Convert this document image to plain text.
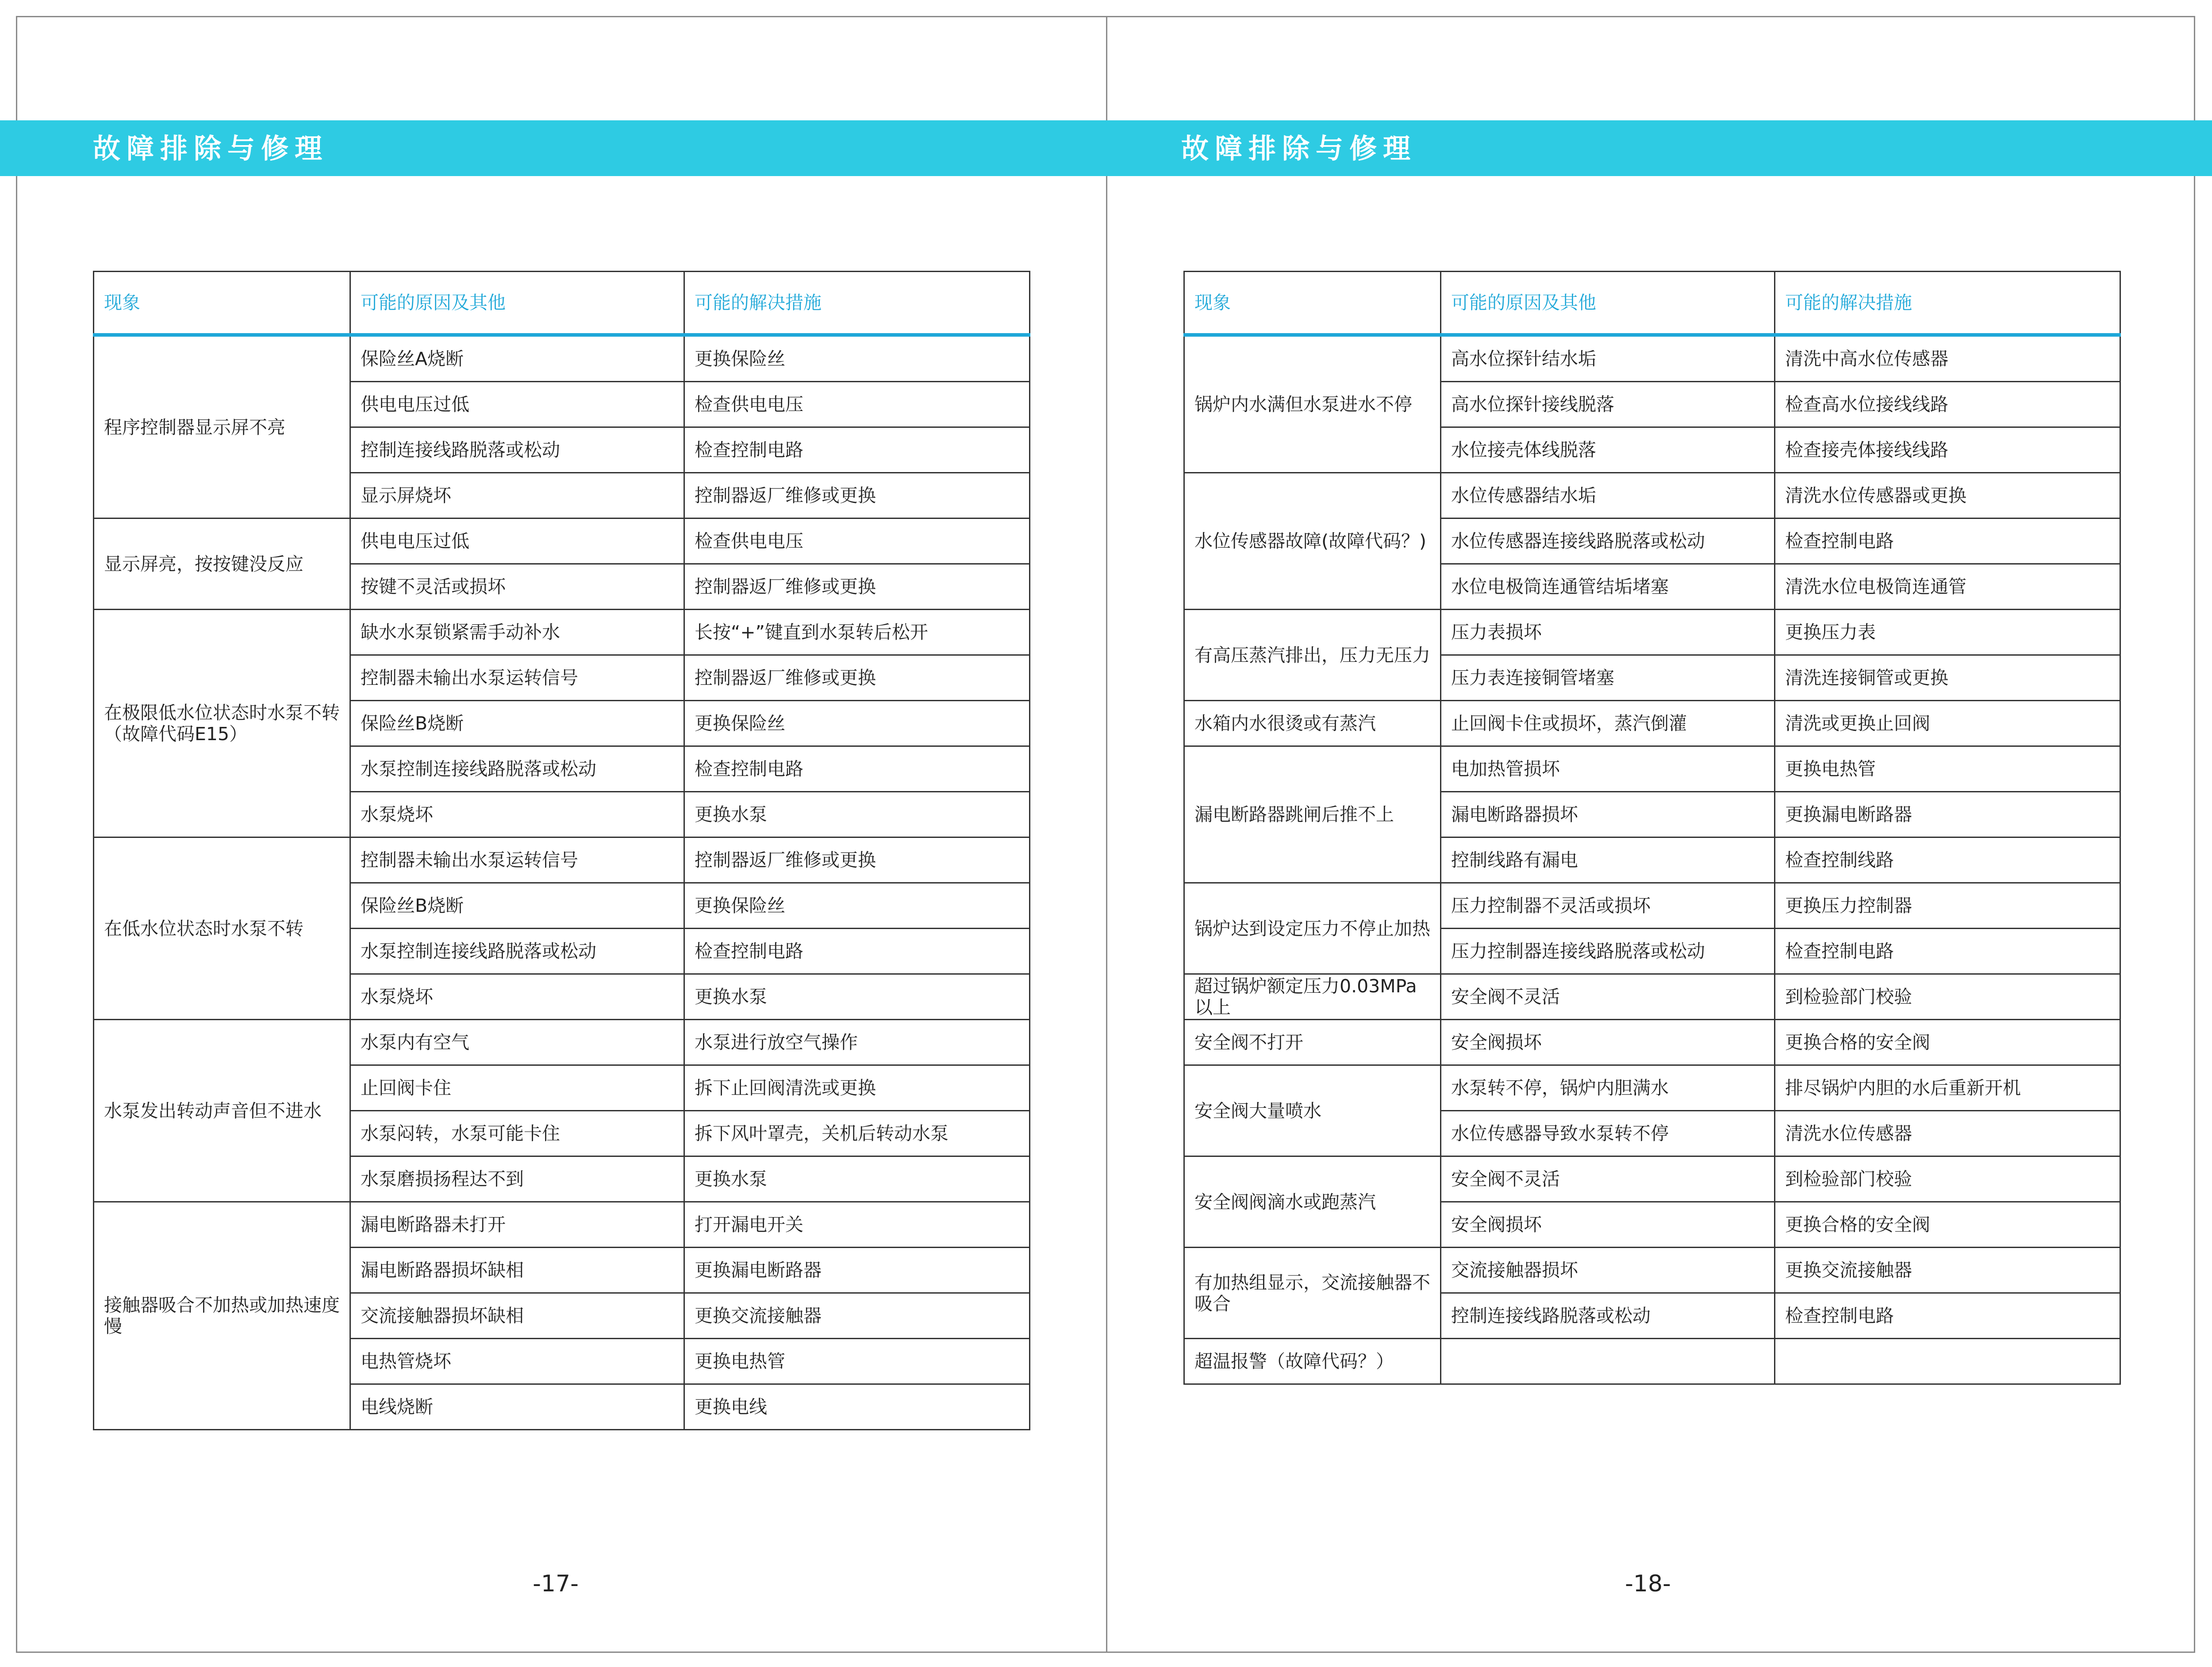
故障排除与修理	故障排除与修理
现象	可能的原因及其他	可能的解决措施
程序控制器显示屏不亮	保险丝A烧断	更换保险丝
	供电电压过低	检查供电电压
	控制连接线路脱落或松动	检查控制电路
	显示屏烧坏	控制器返厂维修或更换
显示屏亮，按按键没反应	供电电压过低	检查供电电压
	按键不灵活或损坏	控制器返厂维修或更换
在极限低水位状态时水泵不转（故障代码E15）	缺水水泵锁紧需手动补水	长按“+”键直到水泵转后松开
	控制器未输出水泵运转信号	控制器返厂维修或更换
	保险丝B烧断	更换保险丝
	水泵控制连接线路脱落或松动	检查控制电路
	水泵烧坏	更换水泵
在低水位状态时水泵不转	控制器未输出水泵运转信号	控制器返厂维修或更换
	保险丝B烧断	更换保险丝
	水泵控制连接线路脱落或松动	检查控制电路
	水泵烧坏	更换水泵
水泵发出转动声音但不进水	水泵内有空气	水泵进行放空气操作
	止回阀卡住	拆下止回阀清洗或更换
	水泵闷转，水泵可能卡住	拆下风叶罩壳，关机后转动水泵
	水泵磨损扬程达不到	更换水泵
接触器吸合不加热或加热速度慢	漏电断路器未打开	打开漏电开关
	漏电断路器损坏缺相	更换漏电断路器
	交流接触器损坏缺相	更换交流接触器
	电热管烧坏	更换电热管
	电线烧断	更换电线
现象	可能的原因及其他	可能的解决措施
锅炉内水满但水泵进水不停	高水位探针结水垢	清洗中高水位传感器
	高水位探针接线脱落	检查高水位接线线路
	水位接壳体线脱落	检查接壳体接线线路
水位传感器故障(故障代码？)	水位传感器结水垢	清洗水位传感器或更换
	水位传感器连接线路脱落或松动	检查控制电路
	水位电极筒连通管结垢堵塞	清洗水位电极筒连通管
有高压蒸汽排出，压力无压力	压力表损坏	更换压力表
	压力表连接铜管堵塞	清洗连接铜管或更换
水箱内水很烫或有蒸汽	止回阀卡住或损坏，蒸汽倒灌	清洗或更换止回阀
漏电断路器跳闸后推不上	电加热管损坏	更换电热管
	漏电断路器损坏	更换漏电断路器
	控制线路有漏电	检查控制线路
锅炉达到设定压力不停止加热	压力控制器不灵活或损坏	更换压力控制器
	压力控制器连接线路脱落或松动	检查控制电路
超过锅炉额定压力0.03MPa以上	安全阀不灵活	到检验部门校验
安全阀不打开	安全阀损坏	更换合格的安全阀
安全阀大量喷水	水泵转不停，锅炉内胆满水	排尽锅炉内胆的水后重新开机
	水位传感器导致水泵转不停	清洗水位传感器
安全阀阀滴水或跑蒸汽	安全阀不灵活	到检验部门校验
	安全阀损坏	更换合格的安全阀
有加热组显示，交流接触器不吸合	交流接触器损坏	更换交流接触器
	控制连接线路脱落或松动	检查控制电路
超温报警（故障代码？）		
-17-	-18-
